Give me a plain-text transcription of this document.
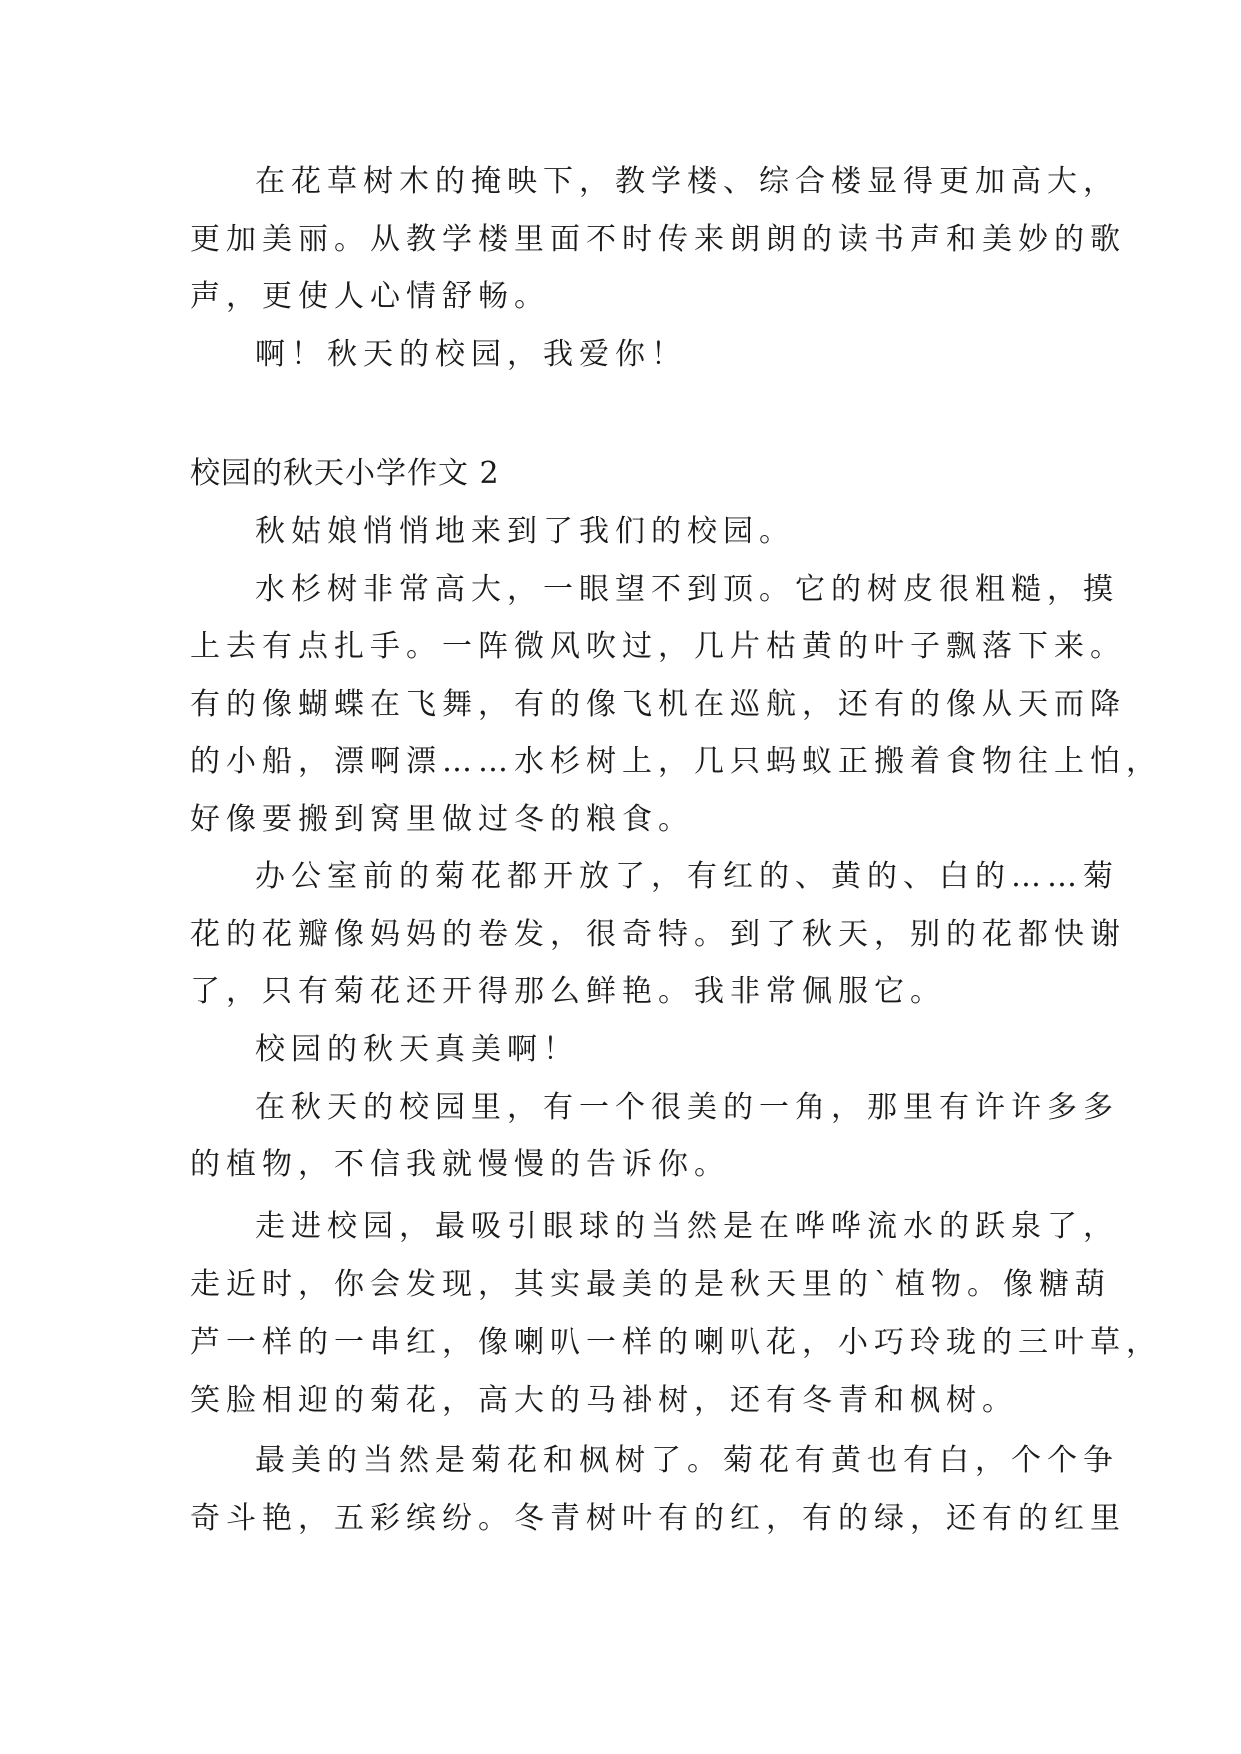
在花草树木的掩映下，教学楼、综合楼显得更加高大，
更加美丽。从教学楼里面不时传来朗朗的读书声和美妙的歌
声，更使人心情舒畅。
啊！秋天的校园，我爱你！
校园的秋天小学作文 2
秋姑娘悄悄地来到了我们的校园。
水杉树非常高大，一眼望不到顶。它的树皮很粗糙，摸
上去有点扎手。一阵微风吹过，几片枯黄的叶子飘落下来。
有的像蝴蝶在飞舞，有的像飞机在巡航，还有的像从天而降
的小船，漂啊漂……水杉树上，几只蚂蚁正搬着食物往上怕，
好像要搬到窝里做过冬的粮食。
办公室前的菊花都开放了，有红的、黄的、白的……菊
花的花瓣像妈妈的卷发，很奇特。到了秋天，别的花都快谢
了，只有菊花还开得那么鲜艳。我非常佩服它。
校园的秋天真美啊！
在秋天的校园里，有一个很美的一角，那里有许许多多
的植物，不信我就慢慢的告诉你。
走进校园，最吸引眼球的当然是在哗哗流水的跃泉了，
走近时，你会发现，其实最美的是秋天里的`植物。像糖葫
芦一样的一串红，像喇叭一样的喇叭花，小巧玲珑的三叶草，
笑脸相迎的菊花，高大的马褂树，还有冬青和枫树。
最美的当然是菊花和枫树了。菊花有黄也有白，个个争
奇斗艳，五彩缤纷。冬青树叶有的红，有的绿，还有的红里
